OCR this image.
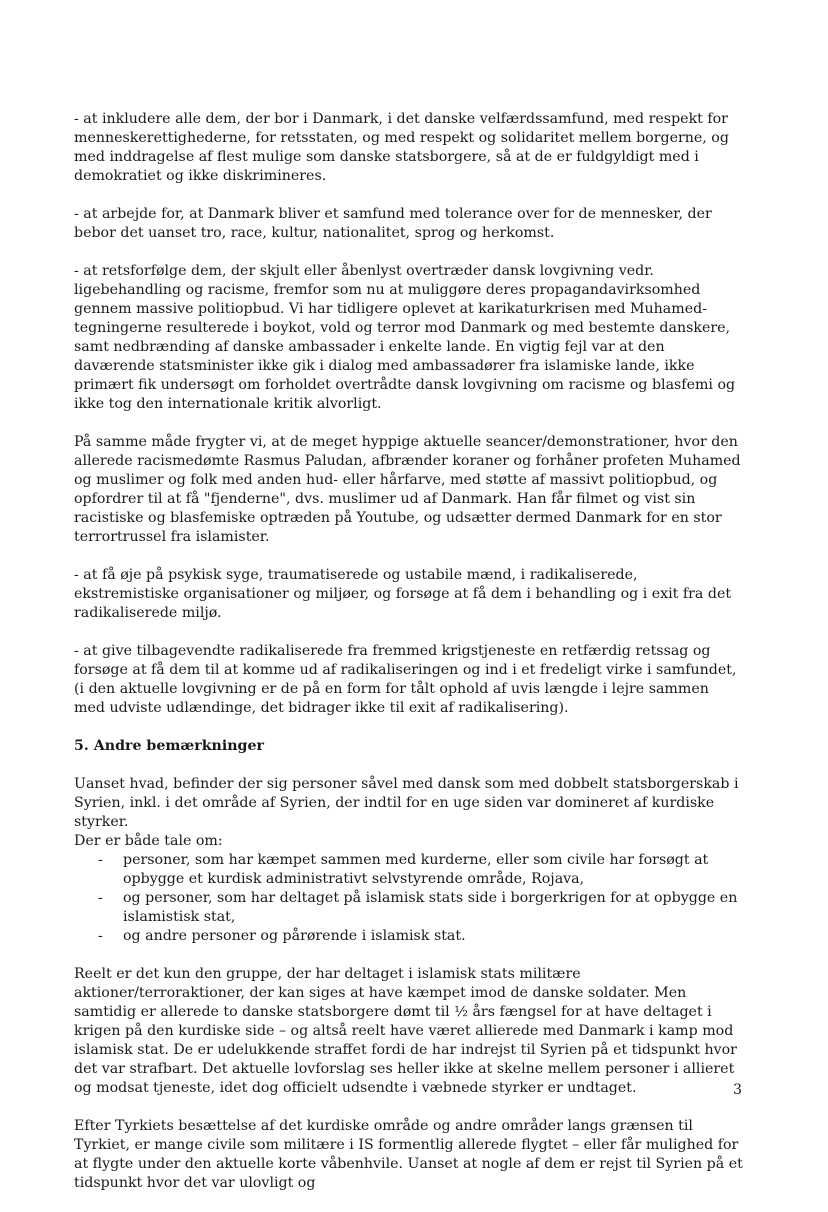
- at inkludere alle dem, der bor i Danmark, i det danske velfærdssamfund, med respekt for menneskerettighederne, for retsstaten, og med respekt og solidaritet mellem borgerne, og med inddragelse af flest mulige som danske statsborgere, så at de er fuldgyldigt med i demokratiet og ikke diskrimineres.

- at arbejde for, at Danmark bliver et samfund med tolerance over for de mennesker, der bebor det uanset tro, race, kultur, nationalitet, sprog og herkomst.

- at retsforfølge dem, der skjult eller åbenlyst overtræder dansk lovgivning vedr. ligebehandling og racisme, fremfor som nu at muliggøre deres propagandavirksomhed gennem massive politiopbud. Vi har tidligere oplevet at karikaturkrisen med Muhamed-tegningerne resulterede i boykot, vold og terror mod Danmark og med bestemte danskere, samt nedbrænding af danske ambassader i enkelte lande. En vigtig fejl var at den daværende statsminister ikke gik i dialog med ambassadører fra islamiske lande, ikke primært fik undersøgt om forholdet overtrådte dansk lovgivning om racisme og blasfemi og ikke tog den internationale kritik alvorligt.

På samme måde frygter vi, at de meget hyppige aktuelle seancer/demonstrationer, hvor den allerede racismedømte Rasmus Paludan, afbrænder koraner og forhåner profeten Muhamed og muslimer og folk med anden hud- eller hårfarve, med støtte af massivt politiopbud, og opfordrer til at få "fjenderne", dvs. muslimer ud af Danmark. Han får filmet og vist sin racistiske og blasfemiske optræden på Youtube, og udsætter dermed Danmark for en stor terrortrussel fra islamister.

- at få øje på psykisk syge, traumatiserede og ustabile mænd, i radikaliserede, ekstremistiske organisationer og miljøer, og forsøge at få dem i behandling og i exit fra det radikaliserede miljø.

- at give tilbagevendte radikaliserede fra fremmed krigstjeneste en retfærdig retssag og forsøge at få dem til at komme ud af radikaliseringen og ind i et fredeligt virke i samfundet, (i den aktuelle lovgivning er de på en form for tålt ophold af uvis længde i lejre sammen med udviste udlændinge, det bidrager ikke til exit af radikalisering).

5. Andre bemærkninger

Uanset hvad, befinder der sig personer såvel med dansk som med dobbelt statsborgerskab i Syrien, inkl. i det område af Syrien, der indtil for en uge siden var domineret af kurdiske styrker.

Der er både tale om:

- personer, som har kæmpet sammen med kurderne, eller som civile har forsøgt at opbygge et kurdisk administrativt selvstyrende område, Rojava,
- og personer, som har deltaget på islamisk stats side i borgerkrigen for at opbygge en islamistisk stat,
- og andre personer og pårørende i islamisk stat.

Reelt er det kun den gruppe, der har deltaget i islamisk stats militære aktioner/terroraktioner, der kan siges at have kæmpet imod de danske soldater. Men samtidig er allerede to danske statsborgere dømt til ½ års fængsel for at have deltaget i krigen på den kurdiske side – og altså reelt have været allierede med Danmark i kamp mod islamisk stat. De er udelukkende straffet fordi de har indrejst til Syrien på et tidspunkt hvor det var strafbart. Det aktuelle lovforslag ses heller ikke at skelne mellem personer i allieret og modsat tjeneste, idet dog officielt udsendte i væbnede styrker er undtaget.

Efter Tyrkiets besættelse af det kurdiske område og andre områder langs grænsen til Tyrkiet, er mange civile som militære i IS formentlig allerede flygtet – eller får mulighed for at flygte under den aktuelle korte våbenhvile. Uanset at nogle af dem er rejst til Syrien på et tidspunkt hvor det var ulovligt og

3
